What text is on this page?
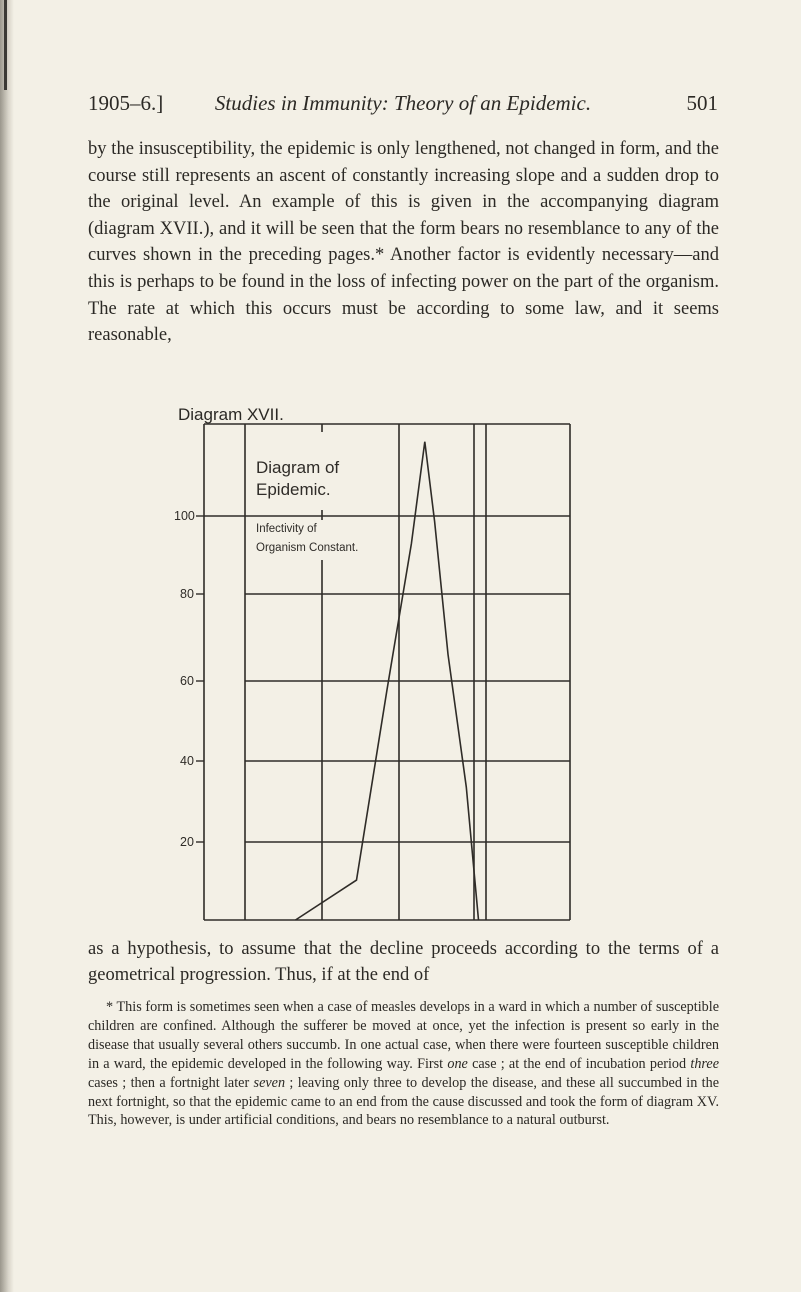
1905–6.]	Studies in Immunity: Theory of an Epidemic.	501

by the insusceptibility, the epidemic is only lengthened, not changed in form, and the course still represents an ascent of constantly increasing slope and a sudden drop to the original level. An example of this is given in the accompanying diagram (diagram XVII.), and it will be seen that the form bears no resemblance to any of the curves shown in the preceding pages.* Another factor is evidently necessary—and this is perhaps to be found in the loss of infecting power on the part of the organism. The rate at which this occurs must be according to some law, and it seems reasonable,

Diagram XVII.
100
80
60
40
20
Diagram of
Epidemic.
Infectivity of
Organism Constant.

as a hypothesis, to assume that the decline proceeds according to the terms of a geometrical progression. Thus, if at the end of

* This form is sometimes seen when a case of measles develops in a ward in which a number of susceptible children are confined. Although the sufferer be moved at once, yet the infection is present so early in the disease that usually several others succumb. In one actual case, when there were fourteen susceptible children in a ward, the epidemic developed in the following way. First one case ; at the end of incubation period three cases ; then a fortnight later seven ; leaving only three to develop the disease, and these all succumbed in the next fortnight, so that the epidemic came to an end from the cause discussed and took the form of diagram XV. This, however, is under artificial conditions, and bears no resemblance to a natural outburst.
